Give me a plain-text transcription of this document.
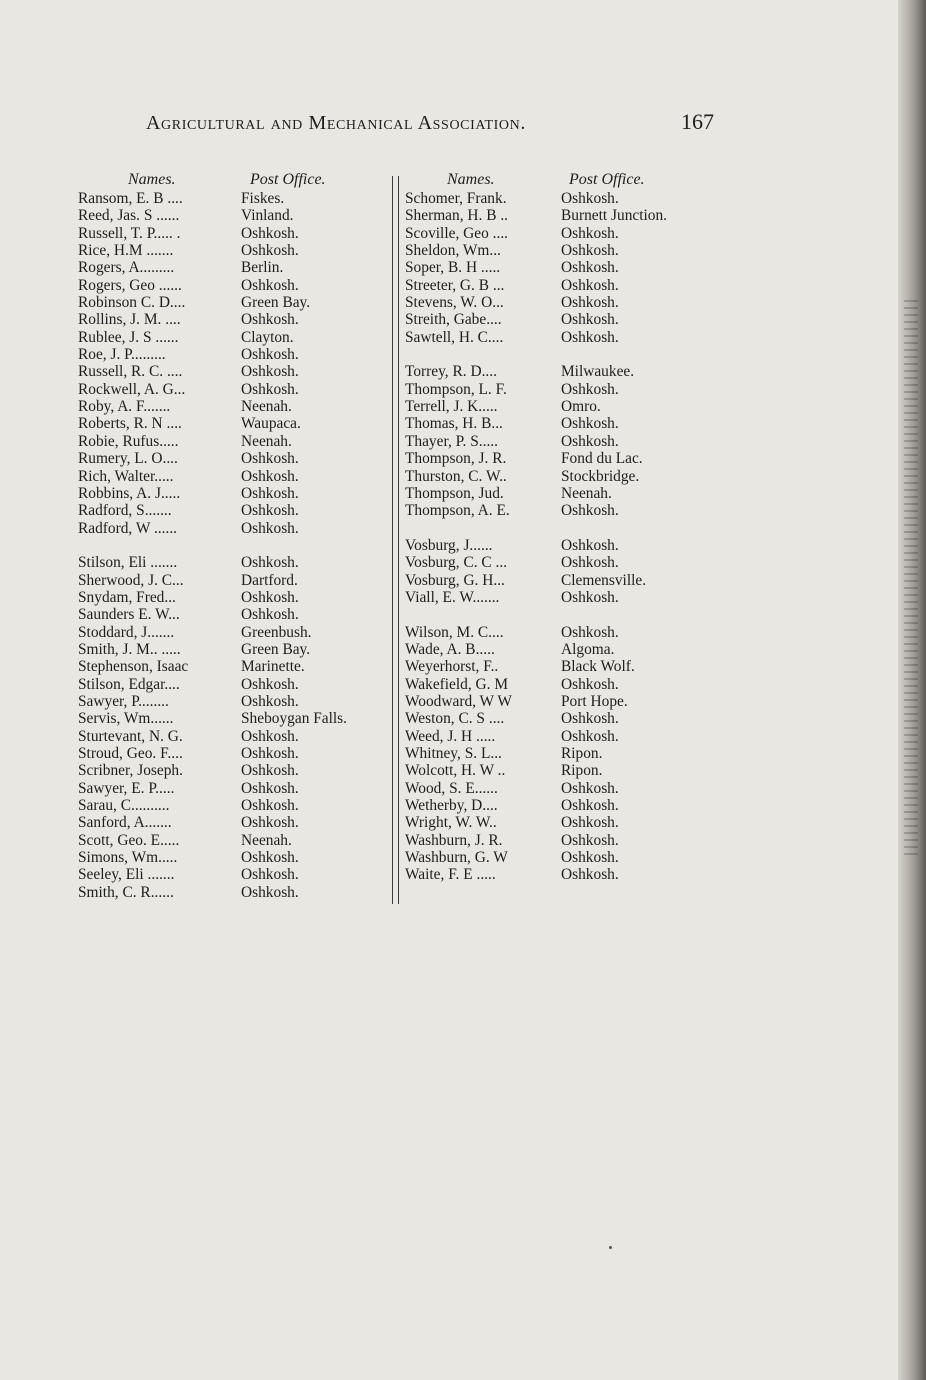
Agricultural and Mechanical Association.	167
Names.	Post Office.
Ransom, E. B ....	Fiskes.
Reed, Jas. S ......	Vinland.
Russell, T. P..... .	Oshkosh.
Rice, H.M .......	Oshkosh.
Rogers, A.........	Berlin.
Rogers, Geo ......	Oshkosh.
Robinson C. D....	Green Bay.
Rollins, J. M. ....	Oshkosh.
Rublee, J. S ......	Clayton.
Roe, J. P.........	Oshkosh.
Russell, R. C. ....	Oshkosh.
Rockwell, A. G...	Oshkosh.
Roby, A. F.......	Neenah.
Roberts, R. N ....	Waupaca.
Robie, Rufus.....	Neenah.
Rumery, L. O....	Oshkosh.
Rich, Walter.....	Oshkosh.
Robbins, A. J.....	Oshkosh.
Radford, S.......	Oshkosh.
Radford, W ......	Oshkosh.
Stilson, Eli .......	Oshkosh.
Sherwood, J. C...	Dartford.
Snydam, Fred...	Oshkosh.
Saunders E. W...	Oshkosh.
Stoddard, J.......	Greenbush.
Smith, J. M.. .....	Green Bay.
Stephenson, Isaac	Marinette.
Stilson, Edgar....	Oshkosh.
Sawyer, P........	Oshkosh.
Servis, Wm......	Sheboygan Falls.
Sturtevant, N. G.	Oshkosh.
Stroud, Geo. F....	Oshkosh.
Scribner, Joseph.	Oshkosh.
Sawyer, E. P.....	Oshkosh.
Sarau, C..........	Oshkosh.
Sanford, A.......	Oshkosh.
Scott, Geo. E.....	Neenah.
Simons, Wm.....	Oshkosh.
Seeley, Eli .......	Oshkosh.
Smith, C. R......	Oshkosh.
Names.	Post Office.
Schomer, Frank.	Oshkosh.
Sherman, H. B ..	Burnett Junction.
Scoville, Geo ....	Oshkosh.
Sheldon, Wm...	Oshkosh.
Soper, B. H .....	Oshkosh.
Streeter, G. B ...	Oshkosh.
Stevens, W. O...	Oshkosh.
Streith, Gabe....	Oshkosh.
Sawtell, H. C....	Oshkosh.
Torrey, R. D....	Milwaukee.
Thompson, L. F.	Oshkosh.
Terrell, J. K.....	Omro.
Thomas, H. B...	Oshkosh.
Thayer, P. S.....	Oshkosh.
Thompson, J. R.	Fond du Lac.
Thurston, C. W..	Stockbridge.
Thompson, Jud.	Neenah.
Thompson, A. E.	Oshkosh.
Vosburg, J......	Oshkosh.
Vosburg, C. C ...	Oshkosh.
Vosburg, G. H...	Clemensville.
Viall, E. W.......	Oshkosh.
Wilson, M. C....	Oshkosh.
Wade, A. B.....	Algoma.
Weyerhorst, F..	Black Wolf.
Wakefield, G. M	Oshkosh.
Woodward, W W	Port Hope.
Weston, C. S ....	Oshkosh.
Weed, J. H .....	Oshkosh.
Whitney, S. L...	Ripon.
Wolcott, H. W ..	Ripon.
Wood, S. E......	Oshkosh.
Wetherby, D....	Oshkosh.
Wright, W. W..	Oshkosh.
Washburn, J. R.	Oshkosh.
Washburn, G. W	Oshkosh.
Waite, F. E .....	Oshkosh.
